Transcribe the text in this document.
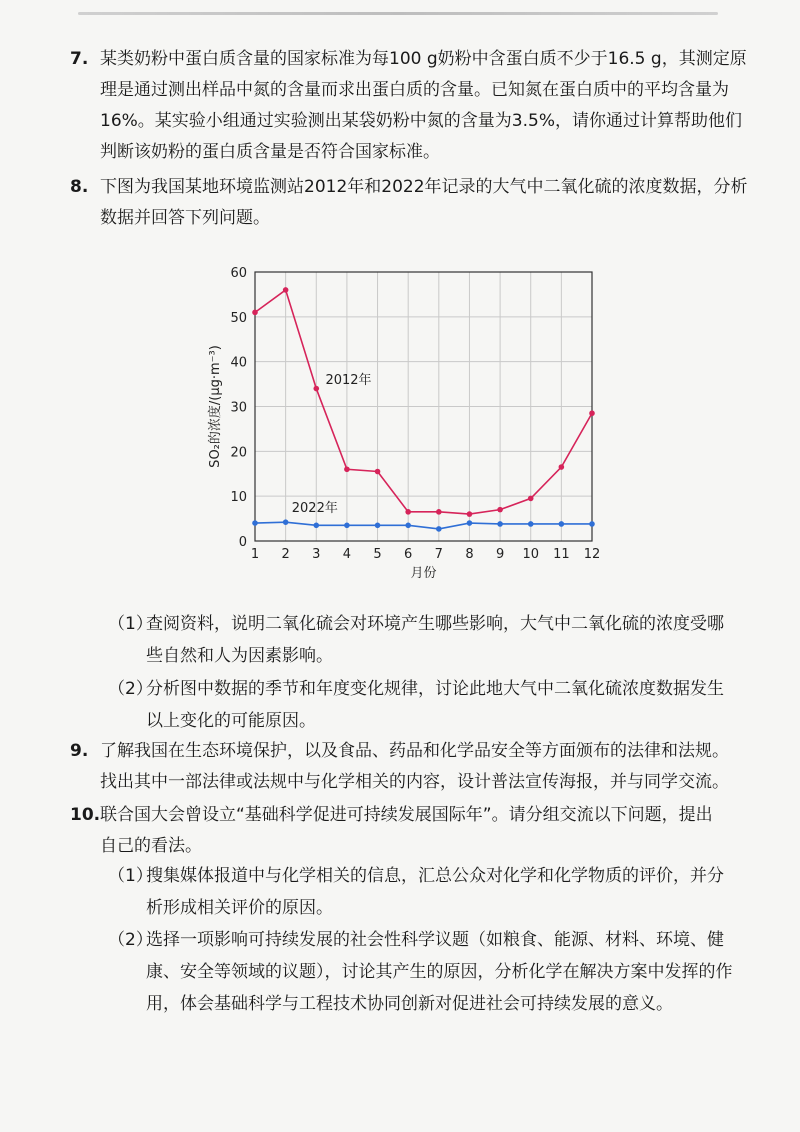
7. 某类奶粉中蛋白质含量的国家标准为每100 g奶粉中含蛋白质不少于16.5 g，其测定原
理是通过测出样品中氮的含量而求出蛋白质的含量。已知氮在蛋白质中的平均含量为
16%。某实验小组通过实验测出某袋奶粉中氮的含量为3.5%，请你通过计算帮助他们
判断该奶粉的蛋白质含量是否符合国家标准。
8. 下图为我国某地环境监测站2012年和2022年记录的大气中二氧化硫的浓度数据，分析
数据并回答下列问题。
0
10
20
30
40
50
60
1 2 3 4 5 6 7 8 9 10 11 12
月份
SO₂的浓度/(μg·m⁻³)	2012年
2022年
（1）查阅资料，说明二氧化硫会对环境产生哪些影响，大气中二氧化硫的浓度受哪
些自然和人为因素影响。
（2）分析图中数据的季节和年度变化规律，讨论此地大气中二氧化硫浓度数据发生
以上变化的可能原因。
9. 了解我国在生态环境保护，以及食品、药品和化学品安全等方面颁布的法律和法规。
找出其中一部法律或法规中与化学相关的内容，设计普法宣传海报，并与同学交流。
10.联合国大会曾设立“基础科学促进可持续发展国际年”。请分组交流以下问题，提出
自己的看法。
（1）搜集媒体报道中与化学相关的信息，汇总公众对化学和化学物质的评价，并分
析形成相关评价的原因。
（2）选择一项影响可持续发展的社会性科学议题（如粮食、能源、材料、环境、健
康、安全等领域的议题），讨论其产生的原因，分析化学在解决方案中发挥的作
用，体会基础科学与工程技术协同创新对促进社会可持续发展的意义。
